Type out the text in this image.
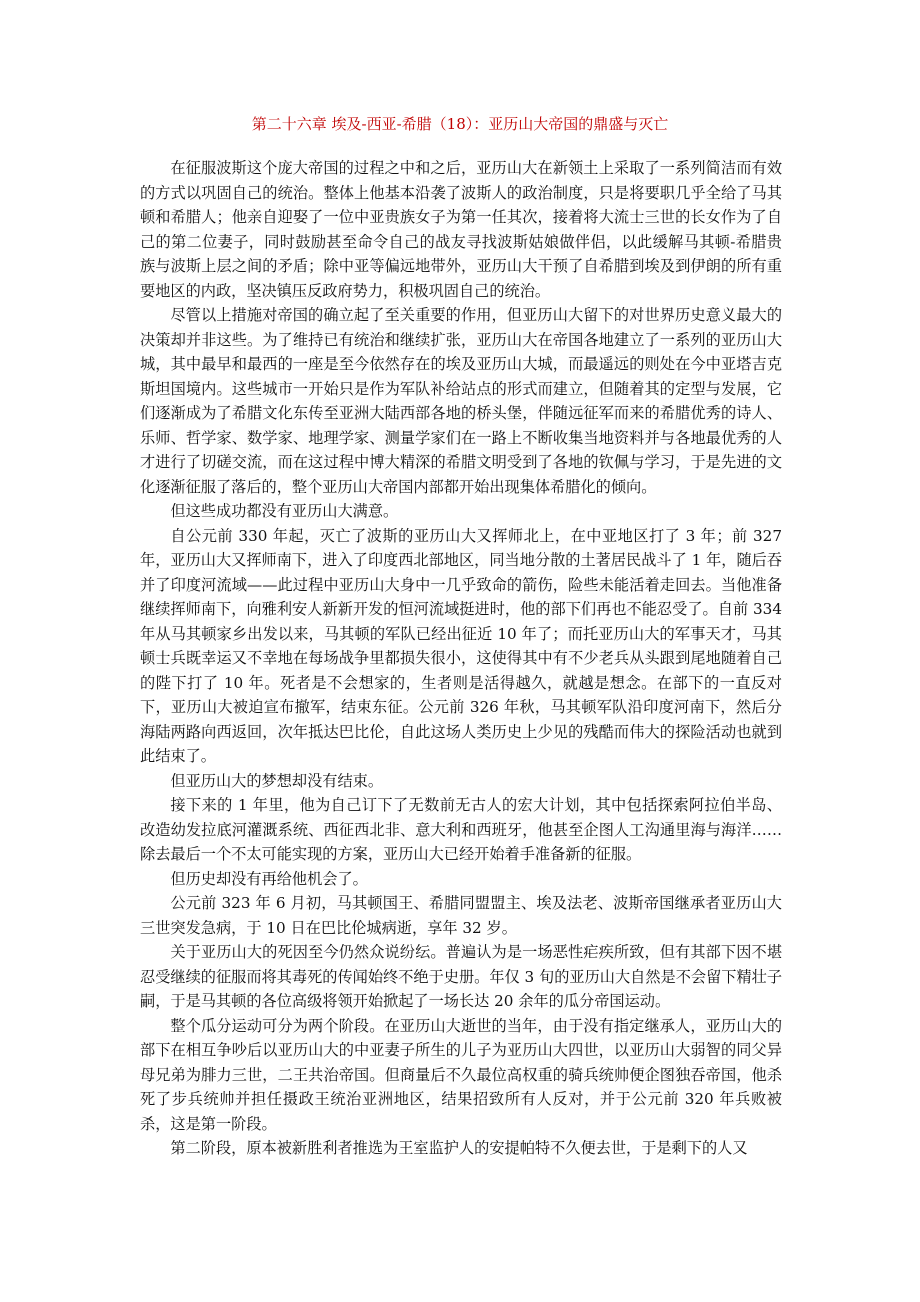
第二十六章 埃及-西亚-希腊（18）：亚历山大帝国的鼎盛与灭亡

在征服波斯这个庞大帝国的过程之中和之后，亚历山大在新领土上采取了一系列简洁而有效的方式以巩固自己的统治。整体上他基本沿袭了波斯人的政治制度，只是将要职几乎全给了马其顿和希腊人；他亲自迎娶了一位中亚贵族女子为第一任其次，接着将大流士三世的长女作为了自己的第二位妻子，同时鼓励甚至命令自己的战友寻找波斯姑娘做伴侣，以此缓解马其顿-希腊贵族与波斯上层之间的矛盾；除中亚等偏远地带外，亚历山大干预了自希腊到埃及到伊朗的所有重要地区的内政，坚决镇压反政府势力，积极巩固自己的统治。

尽管以上措施对帝国的确立起了至关重要的作用，但亚历山大留下的对世界历史意义最大的决策却并非这些。为了维持已有统治和继续扩张，亚历山大在帝国各地建立了一系列的亚历山大城，其中最早和最西的一座是至今依然存在的埃及亚历山大城，而最遥远的则处在今中亚塔吉克斯坦国境内。这些城市一开始只是作为军队补给站点的形式而建立，但随着其的定型与发展，它们逐渐成为了希腊文化东传至亚洲大陆西部各地的桥头堡，伴随远征军而来的希腊优秀的诗人、乐师、哲学家、数学家、地理学家、测量学家们在一路上不断收集当地资料并与各地最优秀的人才进行了切磋交流，而在这过程中博大精深的希腊文明受到了各地的钦佩与学习，于是先进的文化逐渐征服了落后的，整个亚历山大帝国内部都开始出现集体希腊化的倾向。

但这些成功都没有亚历山大满意。

自公元前 330 年起，灭亡了波斯的亚历山大又挥师北上，在中亚地区打了 3 年；前 327 年，亚历山大又挥师南下，进入了印度西北部地区，同当地分散的土著居民战斗了 1 年，随后吞并了印度河流域——此过程中亚历山大身中一几乎致命的箭伤，险些未能活着走回去。当他准备继续挥师南下，向雅利安人新新开发的恒河流域挺进时，他的部下们再也不能忍受了。自前 334 年从马其顿家乡出发以来，马其顿的军队已经出征近 10 年了；而托亚历山大的军事天才，马其顿士兵既幸运又不幸地在每场战争里都损失很小，这使得其中有不少老兵从头跟到尾地随着自己的陛下打了 10 年。死者是不会想家的，生者则是活得越久，就越是想念。在部下的一直反对下，亚历山大被迫宣布撤军，结束东征。公元前 326 年秋，马其顿军队沿印度河南下，然后分海陆两路向西返回，次年抵达巴比伦，自此这场人类历史上少见的残酷而伟大的探险活动也就到此结束了。

但亚历山大的梦想却没有结束。

接下来的 1 年里，他为自己订下了无数前无古人的宏大计划，其中包括探索阿拉伯半岛、改造幼发拉底河灌溉系统、西征西北非、意大利和西班牙，他甚至企图人工沟通里海与海洋……除去最后一个不太可能实现的方案，亚历山大已经开始着手准备新的征服。

但历史却没有再给他机会了。

公元前 323 年 6 月初，马其顿国王、希腊同盟盟主、埃及法老、波斯帝国继承者亚历山大三世突发急病，于 10 日在巴比伦城病逝，享年 32 岁。

关于亚历山大的死因至今仍然众说纷纭。普遍认为是一场恶性疟疾所致，但有其部下因不堪忍受继续的征服而将其毒死的传闻始终不绝于史册。年仅 3 旬的亚历山大自然是不会留下精壮子嗣，于是马其顿的各位高级将领开始掀起了一场长达 20 余年的瓜分帝国运动。

整个瓜分运动可分为两个阶段。在亚历山大逝世的当年，由于没有指定继承人，亚历山大的部下在相互争吵后以亚历山大的中亚妻子所生的儿子为亚历山大四世，以亚历山大弱智的同父异母兄弟为腓力三世，二王共治帝国。但商量后不久最位高权重的骑兵统帅便企图独吞帝国，他杀死了步兵统帅并担任摄政王统治亚洲地区，结果招致所有人反对，并于公元前 320 年兵败被杀，这是第一阶段。

第二阶段，原本被新胜利者推选为王室监护人的安提帕特不久便去世，于是剩下的人又
